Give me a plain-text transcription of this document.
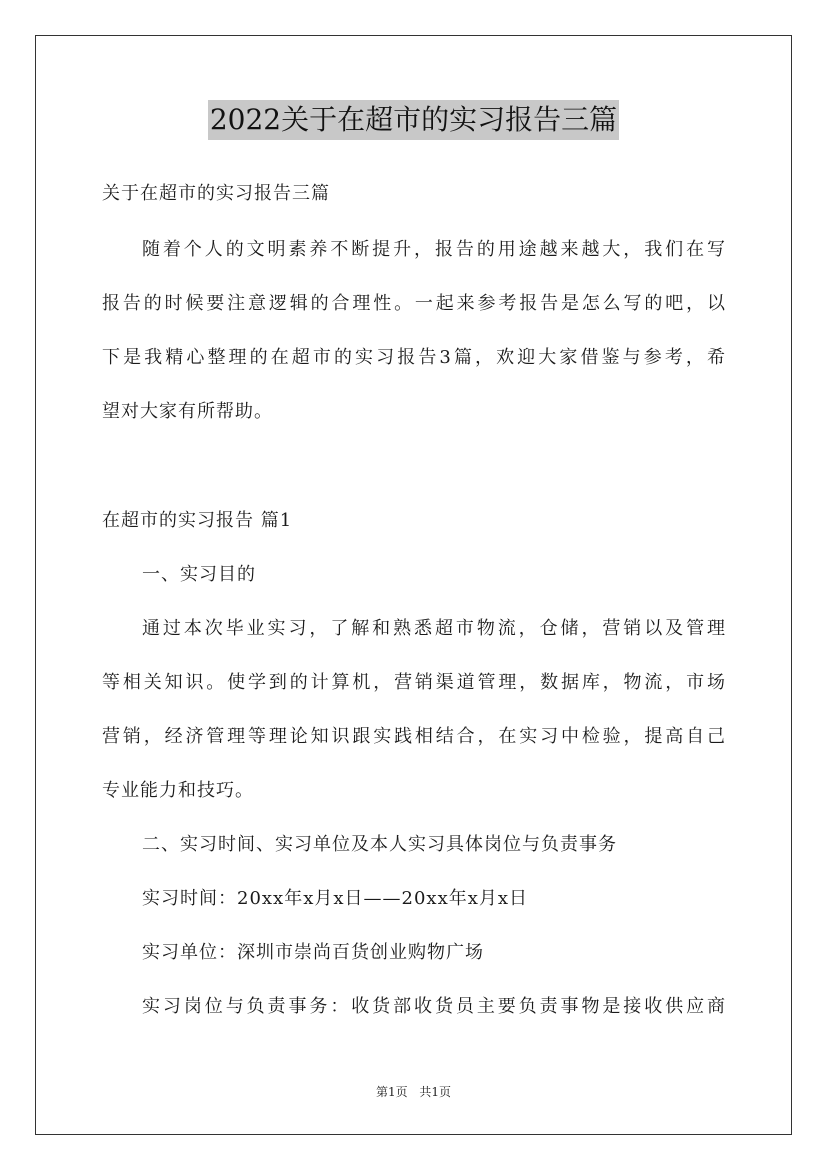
2022关于在超市的实习报告三篇
关于在超市的实习报告三篇
随着个人的文明素养不断提升，报告的用途越来越大，我们在写
报告的时候要注意逻辑的合理性。一起来参考报告是怎么写的吧，以
下是我精心整理的在超市的实习报告3篇，欢迎大家借鉴与参考，希
望对大家有所帮助。
在超市的实习报告 篇1
一、实习目的
通过本次毕业实习，了解和熟悉超市物流，仓储，营销以及管理
等相关知识。使学到的计算机，营销渠道管理，数据库，物流，市场
营销，经济管理等理论知识跟实践相结合，在实习中检验，提高自己
专业能力和技巧。
二、实习时间、实习单位及本人实习具体岗位与负责事务
实习时间：20xx年x月x日——20xx年x月x日
实习单位：深圳市崇尚百货创业购物广场
实习岗位与负责事务：收货部收货员主要负责事物是接收供应商
第1页 共1页
